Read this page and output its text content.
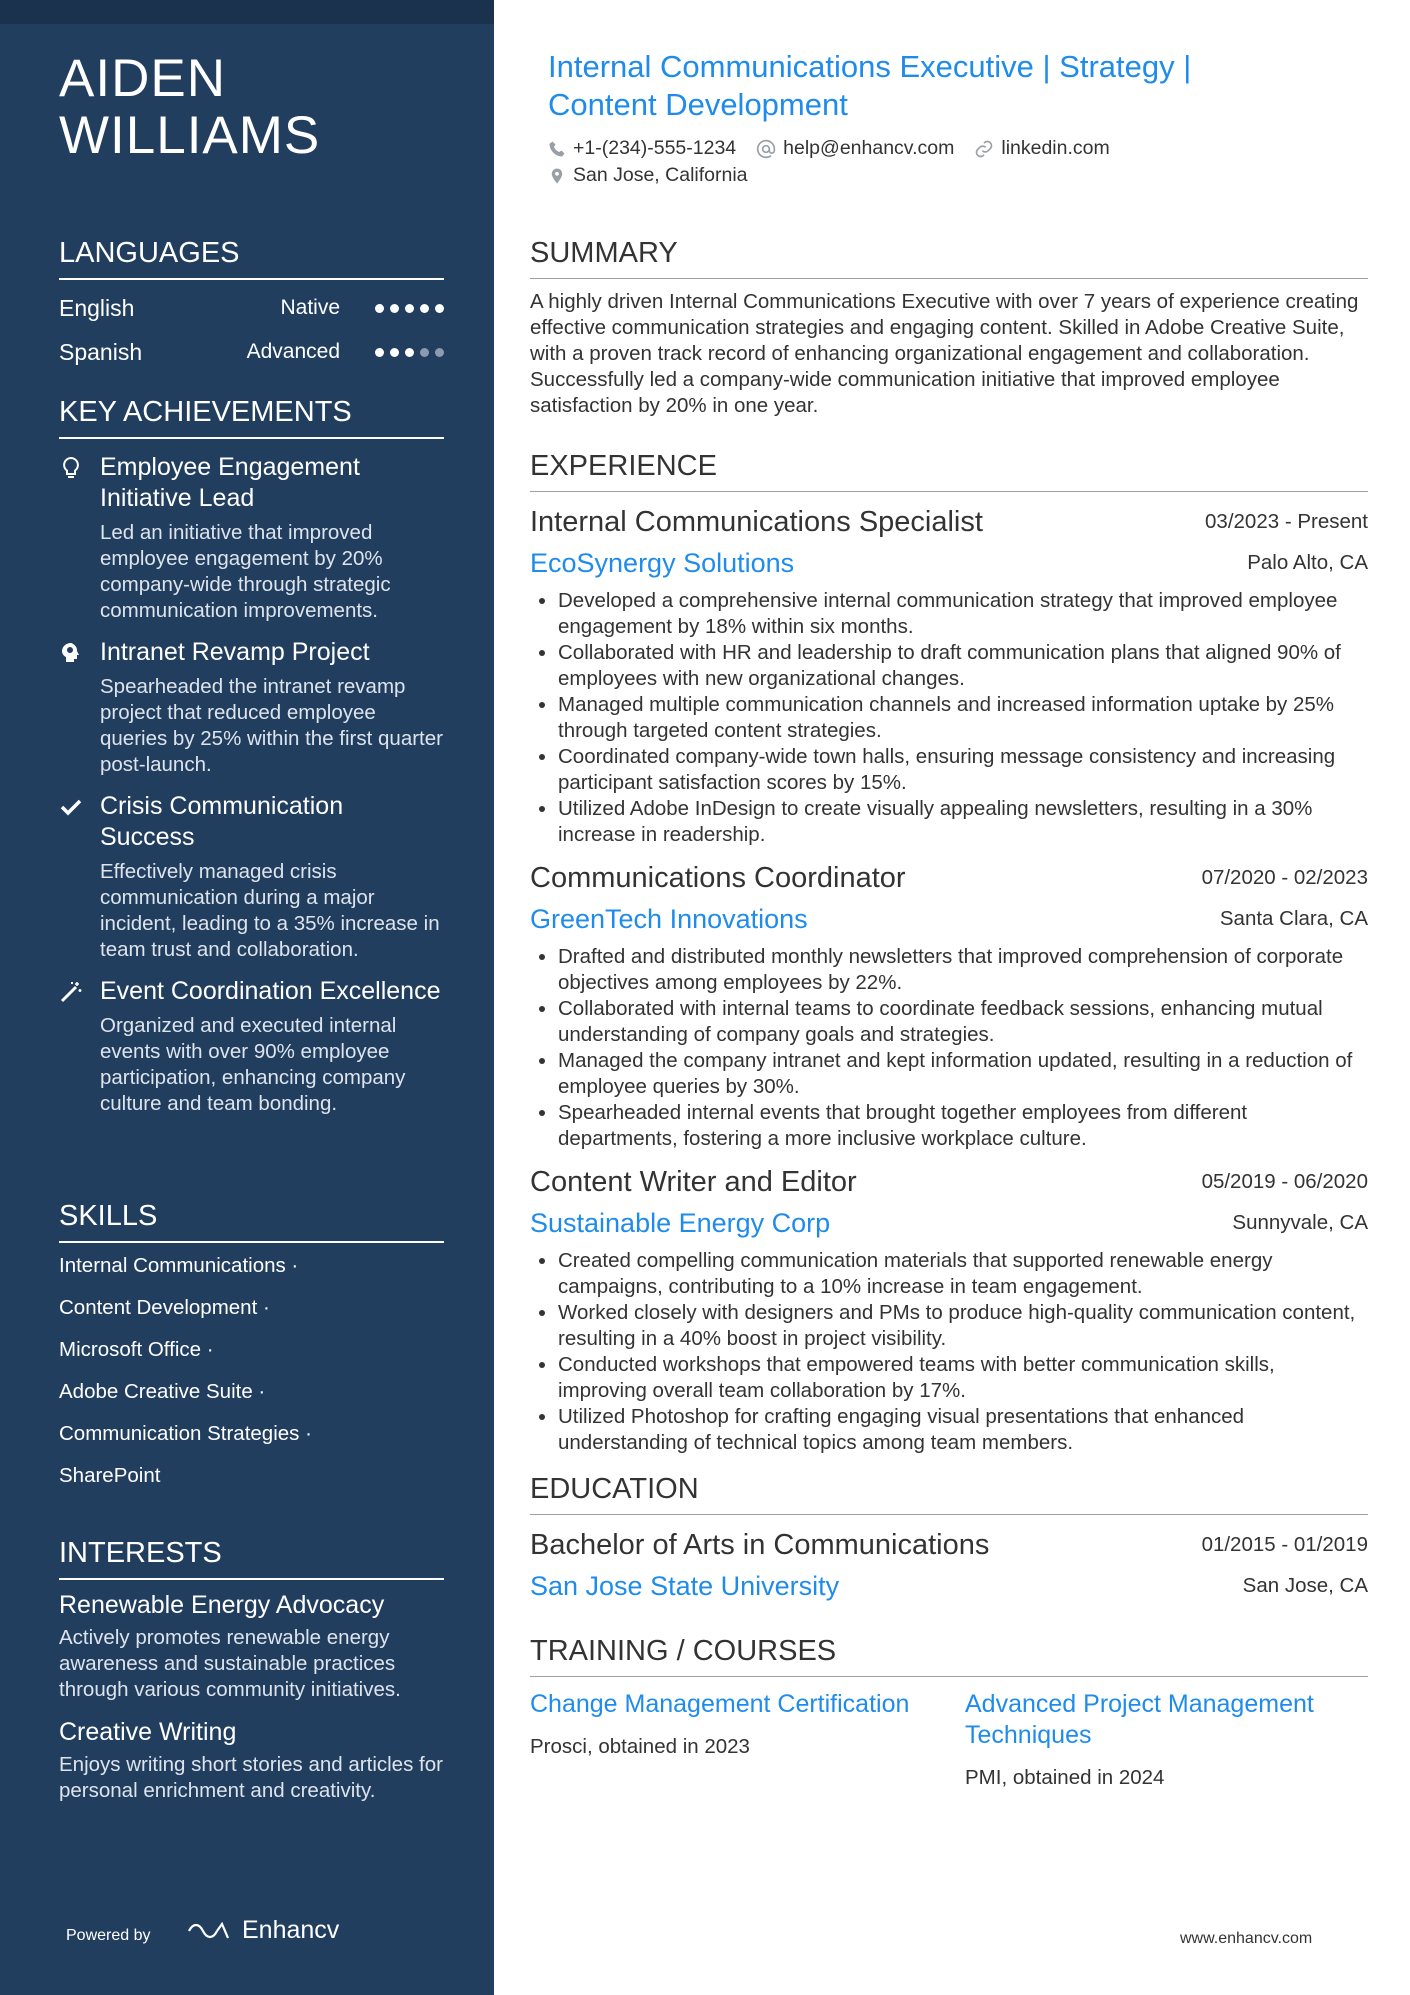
AIDEN
WILLIAMS
LANGUAGES
English	Native
Spanish	Advanced
KEY ACHIEVEMENTS
Employee Engagement Initiative Lead
Led an initiative that improved employee engagement by 20% company-wide through strategic communication improvements.
Intranet Revamp Project
Spearheaded the intranet revamp project that reduced employee queries by 25% within the first quarter post-launch.
Crisis Communication Success
Effectively managed crisis communication during a major incident, leading to a 35% increase in team trust and collaboration.
Event Coordination Excellence
Organized and executed internal events with over 90% employee participation, enhancing company culture and team bonding.
SKILLS
Internal Communications ·
Content Development ·
Microsoft Office ·
Adobe Creative Suite ·
Communication Strategies ·
SharePoint
INTERESTS
Renewable Energy Advocacy
Actively promotes renewable energy awareness and sustainable practices through various community initiatives.
Creative Writing
Enjoys writing short stories and articles for personal enrichment and creativity.
Powered by	Enhancv
Internal Communications Executive | Strategy | Content Development
+1-(234)-555-1234 help@enhancv.com linkedin.com
San Jose, California
SUMMARY
A highly driven Internal Communications Executive with over 7 years of experience creating effective communication strategies and engaging content. Skilled in Adobe Creative Suite, with a proven track record of enhancing organizational engagement and collaboration. Successfully led a company-wide communication initiative that improved employee satisfaction by 20% in one year.
EXPERIENCE
Internal Communications Specialist	03/2023 - Present
EcoSynergy Solutions	Palo Alto, CA
• Developed a comprehensive internal communication strategy that improved employee engagement by 18% within six months.
• Collaborated with HR and leadership to draft communication plans that aligned 90% of employees with new organizational changes.
• Managed multiple communication channels and increased information uptake by 25% through targeted content strategies.
• Coordinated company-wide town halls, ensuring message consistency and increasing participant satisfaction scores by 15%.
• Utilized Adobe InDesign to create visually appealing newsletters, resulting in a 30% increase in readership.
Communications Coordinator	07/2020 - 02/2023
GreenTech Innovations	Santa Clara, CA
• Drafted and distributed monthly newsletters that improved comprehension of corporate objectives among employees by 22%.
• Collaborated with internal teams to coordinate feedback sessions, enhancing mutual understanding of company goals and strategies.
• Managed the company intranet and kept information updated, resulting in a reduction of employee queries by 30%.
• Spearheaded internal events that brought together employees from different departments, fostering a more inclusive workplace culture.
Content Writer and Editor	05/2019 - 06/2020
Sustainable Energy Corp	Sunnyvale, CA
• Created compelling communication materials that supported renewable energy campaigns, contributing to a 10% increase in team engagement.
• Worked closely with designers and PMs to produce high-quality communication content, resulting in a 40% boost in project visibility.
• Conducted workshops that empowered teams with better communication skills, improving overall team collaboration by 17%.
• Utilized Photoshop for crafting engaging visual presentations that enhanced understanding of technical topics among team members.
EDUCATION
Bachelor of Arts in Communications	01/2015 - 01/2019
San Jose State University	San Jose, CA
TRAINING / COURSES
Change Management Certification
Prosci, obtained in 2023
Advanced Project Management Techniques
PMI, obtained in 2024
www.enhancv.com
